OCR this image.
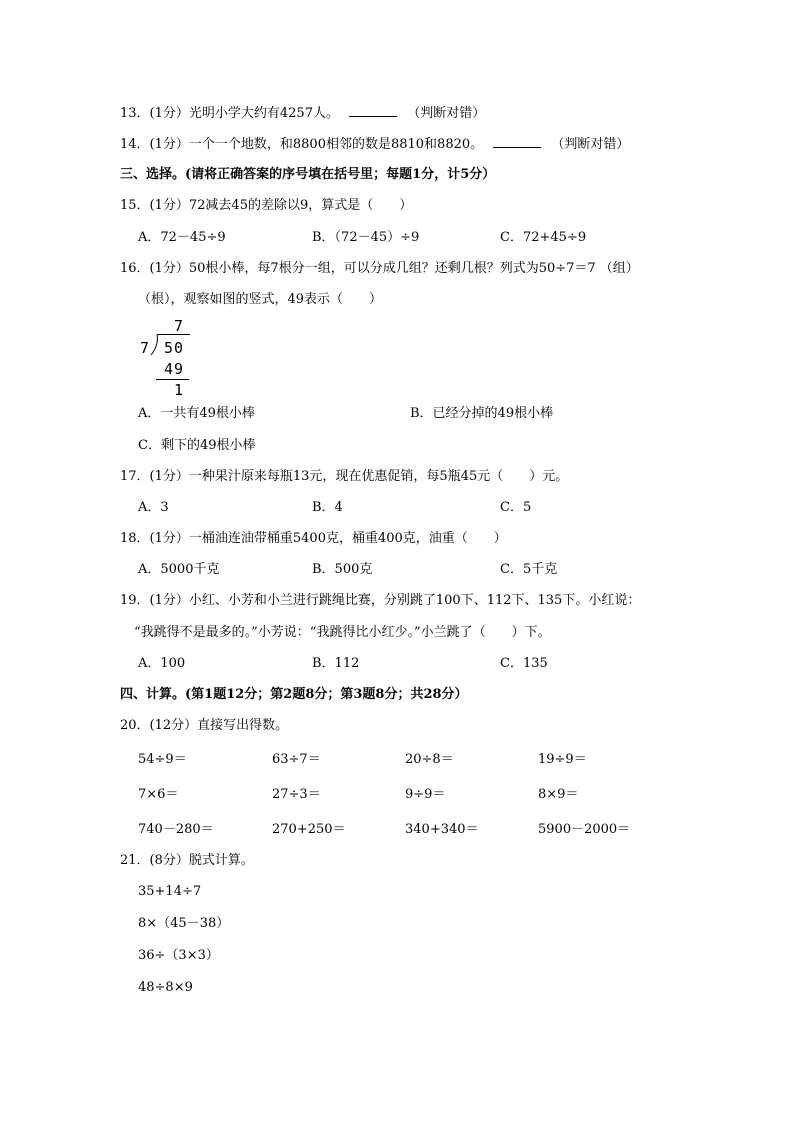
13．(1分）光明小学大约有4257人。	（判断对错）
14．(1分）一个一个地数，和8800相邻的数是8810和8820。	（判断对错）
三、选择。(请将正确答案的序号填在括号里；每题1分，计5分）
15．(1分）72减去45的差除以9，算式是（　　）
A．72－45÷9	B．（72－45）÷9	C．72+45÷9
16．(1分）50根小棒，每7根分一组，可以分成几组？还剩几根？列式为50÷7＝7 （组）
（根），观察如图的竖式，49表示（　　）
7
7 50
49
1
A．一共有49根小棒	B．已经分掉的49根小棒
C．剩下的49根小棒
17．(1分）一种果汁原来每瓶13元，现在优惠促销，每5瓶45元（　　）元。
A．3	B．4	C．5
18．(1分）一桶油连油带桶重5400克，桶重400克，油重（　　）
A．5000千克	B．500克	C．5千克
19．(1分）小红、小芳和小兰进行跳绳比赛，分别跳了100下、112下、135下。小红说：
“我跳得不是最多的。”小芳说：“我跳得比小红少。”小兰跳了（　　）下。
A．100	B．112	C．135
四、计算。(第1题12分；第2题8分；第3题8分；共28分）
20．(12分）直接写出得数。
54÷9＝	63÷7＝	20÷8＝	19÷9＝
7×6＝	27÷3＝	9÷9＝	8×9＝
740－280＝	270+250＝	340+340＝	5900－2000＝
21．(8分）脱式计算。
35+14÷7
8×（45－38）
36÷（3×3）
48÷8×9
